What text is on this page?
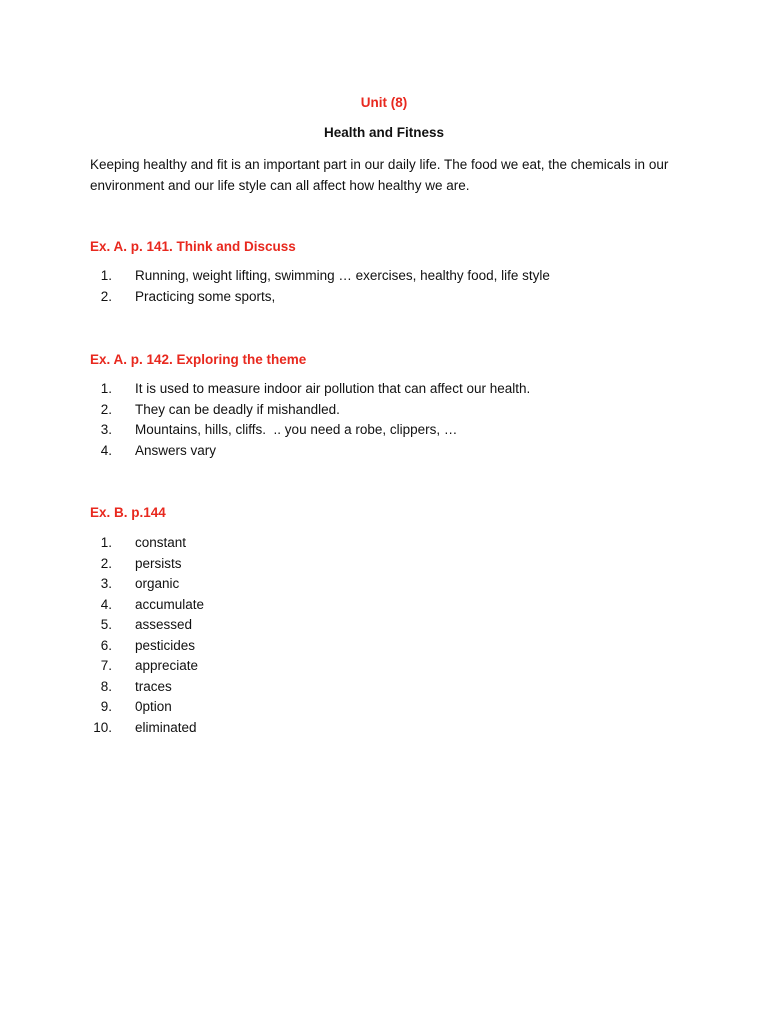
Unit (8)
Health and Fitness

Keeping healthy and fit is an important part in our daily life. The food we eat, the chemicals in our environment and our life style can all affect how healthy we are.

Ex. A. p. 141. Think and Discuss

1. Running, weight lifting, swimming … exercises, healthy food, life style
2. Practicing some sports,

Ex. A. p. 142. Exploring the theme

1. It is used to measure indoor air pollution that can affect our health.
2. They can be deadly if mishandled.
3. Mountains, hills, cliffs.  .. you need a robe, clippers, …
4. Answers vary

Ex. B. p.144

1. constant
2. persists
3. organic
4. accumulate
5. assessed
6. pesticides
7. appreciate
8. traces
9. 0ption
10. eliminated
